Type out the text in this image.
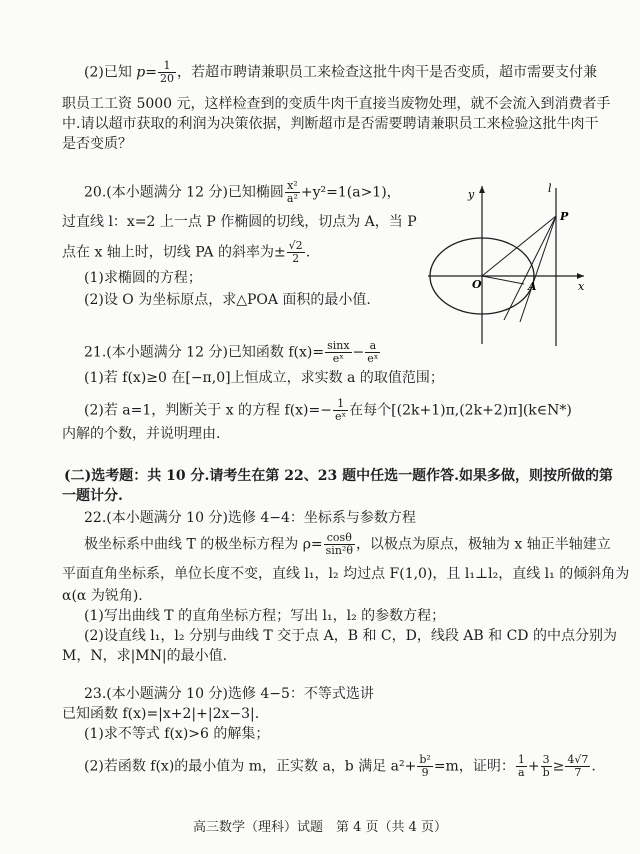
(2)已知 $p= \frac{1}{20}$ ，若超市聘请兼职员工来检查这批牛肉干是否变质，超市需要支付兼
职员工工资 5000 元，这样检查到的变质牛肉干直接当废物处理，就不会流入到消费者手
中.请以超市获取的利润为决策依据，判断超市是否需要聘请兼职员工来检验这批牛肉干
是否变质？
20.(本小题满分 12 分)已知椭圆 $\frac{\text{x²}}{\text{a²}} +y^2=1(a>1)$，
过直线 l：x=2 上一点 P 作椭圆的切线，切点为 A，当 P
点在 x 轴上时，切线 PA 的斜率为± $\frac{√2}{2}$ .
(1)求椭圆的方程；
(2)设 O 为坐标原点，求△POA 面积的最小值.
y	l
P
O	A	x
21.(本小题满分 12 分)已知函数 $f(x)= \frac{\sin x}{\text{eˣ}} - \frac{a}{\text{eˣ}}$
(1)若 f(x)≥0 在[−π,0]上恒成立，求实数 a 的取值范围；
(2)若 a=1，判断关于 x 的方程 $f(x)=- \frac{1}{\text{eˣ}}$ 在每个[(2k+1)π,(2k+2)π](k∈N*)
内解的个数，并说明理由.
(二)选考题：共 10 分.请考生在第 22、23 题中任选一题作答.如果多做，则按所做的第
一题计分.
22.(本小题满分 10 分)选修 4−4：坐标系与参数方程
极坐标系中曲线 T 的极坐标方程为 $\rho= \frac{\cos\theta}{\text{sin²θ}}$ ，以极点为原点，极轴为 x 轴正半轴建立
平面直角坐标系，单位长度不变，直线 l₁，l₂ 均过点 F(1,0)，且 l₁⊥l₂，直线 l₁ 的倾斜角为
α(α 为锐角).
(1)写出曲线 T 的直角坐标方程；写出 l₁，l₂ 的参数方程；
(2)设直线 l₁，l₂ 分别与曲线 T 交于点 A，B 和 C，D，线段 AB 和 CD 的中点分别为
M，N，求|MN|的最小值.
23.(本小题满分 10 分)选修 4−5：不等式选讲
已知函数 f(x)=|x+2|+|2x−3|.
(1)求不等式 f(x)>6 的解集；
(2)若函数 f(x)的最小值为 m，正实数 a，b 满足 $a^2+ \frac{\text{b²}}{9} =m$，证明： $\frac{1}{a} + \frac{3}{b} \ge \frac{4√7}{7}$ .
高三数学（理科）试题　第 4 页（共 4 页）
